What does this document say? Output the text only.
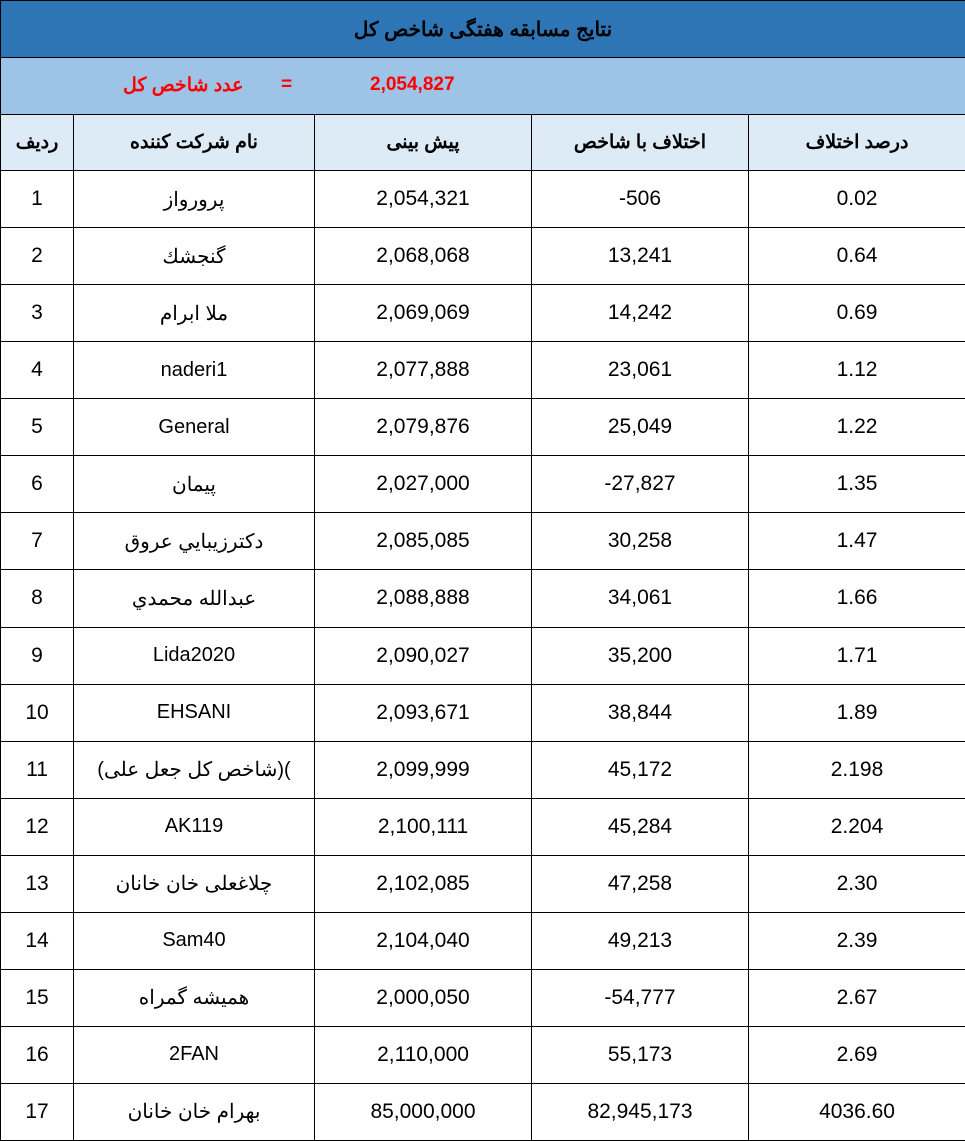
نتایج مسابقه هفتگی شاخص کل				

عدد شاخص کل = 2,054,827				

ردیف	نام شرکت کننده	پیش بینی	اختلاف با شاخص	درصد اختلاف
1	پرورواز	2,054,321	-506	0.02
2	گنجشك	2,068,068	13,241	0.64
3	ملا ابرام	2,069,069	14,242	0.69
4	naderi1	2,077,888	23,061	1.12
5	General	2,079,876	25,049	1.22
6	پيمان	2,027,000	-27,827	1.35
7	دكترزيبايي عروق	2,085,085	30,258	1.47
8	عبدالله محمدي	2,088,888	34,061	1.66
9	Lida2020	2,090,027	35,200	1.71
10	EHSANI	2,093,671	38,844	1.89
11	(شاخص کل جعل علی)(	2,099,999	45,172	2.198
12	AK119	2,100,111	45,284	2.204
13	چلاغعلی خان خانان	2,102,085	47,258	2.30
14	Sam40	2,104,040	49,213	2.39
15	همیشه گمراه	2,000,050	-54,777	2.67
16	2FAN	2,110,000	55,173	2.69
17	بهرام خان خانان	85,000,000	82,945,173	4036.60
